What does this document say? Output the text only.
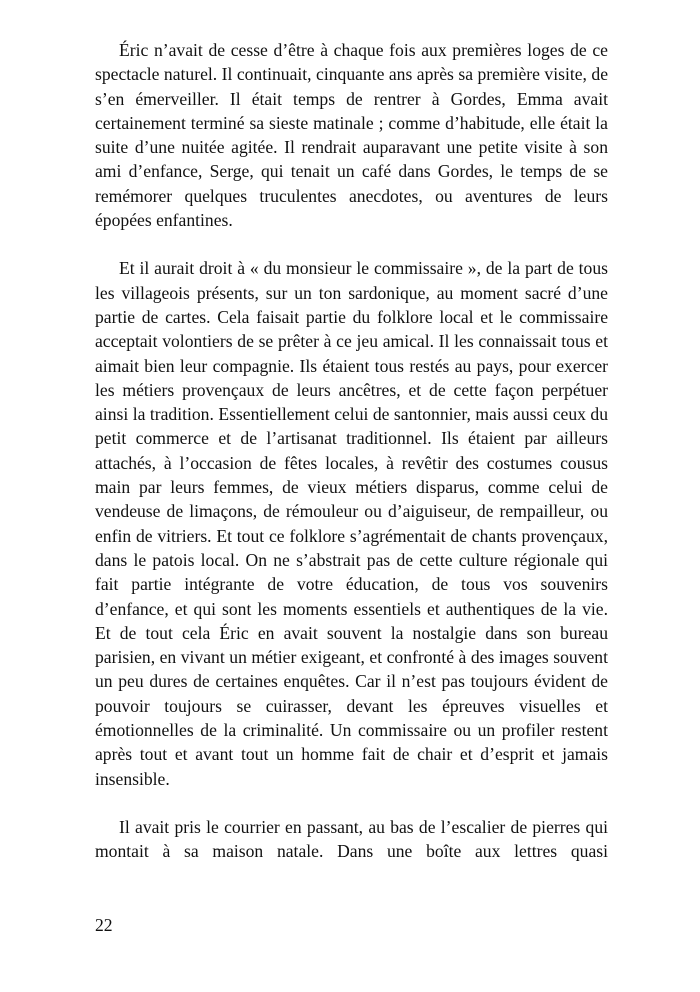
Éric n’avait de cesse d’être à chaque fois aux premières loges de ce spectacle naturel. Il continuait, cinquante ans après sa première visite, de s’en émerveiller. Il était temps de rentrer à Gordes, Emma avait certainement terminé sa sieste matinale ; comme d’habitude, elle était la suite d’une nuitée agitée. Il rendrait auparavant une petite visite à son ami d’enfance, Serge, qui tenait un café dans Gordes, le temps de se remémorer quelques truculentes anecdotes, ou aventures de leurs épopées enfantines.

Et il aurait droit à « du monsieur le commissaire », de la part de tous les villageois présents, sur un ton sardonique, au moment sacré d’une partie de cartes. Cela faisait partie du folklore local et le commissaire acceptait volontiers de se prêter à ce jeu amical. Il les connaissait tous et aimait bien leur compagnie. Ils étaient tous restés au pays, pour exercer les métiers provençaux de leurs ancêtres, et de cette façon perpétuer ainsi la tradition. Essentiellement celui de santonnier, mais aussi ceux du petit commerce et de l’artisanat traditionnel. Ils étaient par ailleurs attachés, à l’occasion de fêtes locales, à revêtir des costumes cousus main par leurs femmes, de vieux métiers disparus, comme celui de vendeuse de limaçons, de rémouleur ou d’aiguiseur, de rempailleur, ou enfin de vitriers. Et tout ce folklore s’agrémentait de chants provençaux, dans le patois local. On ne s’abstrait pas de cette culture régionale qui fait partie intégrante de votre éducation, de tous vos souvenirs d’enfance, et qui sont les moments essentiels et authentiques de la vie. Et de tout cela Éric en avait souvent la nostalgie dans son bureau parisien, en vivant un métier exigeant, et confronté à des images souvent un peu dures de certaines enquêtes. Car il n’est pas toujours évident de pouvoir toujours se cuirasser, devant les épreuves visuelles et émotionnelles de la criminalité. Un commissaire ou un profiler restent après tout et avant tout un homme fait de chair et d’esprit et jamais insensible.

Il avait pris le courrier en passant, au bas de l’escalier de pierres qui montait à sa maison natale. Dans une boîte aux lettres quasi

22
